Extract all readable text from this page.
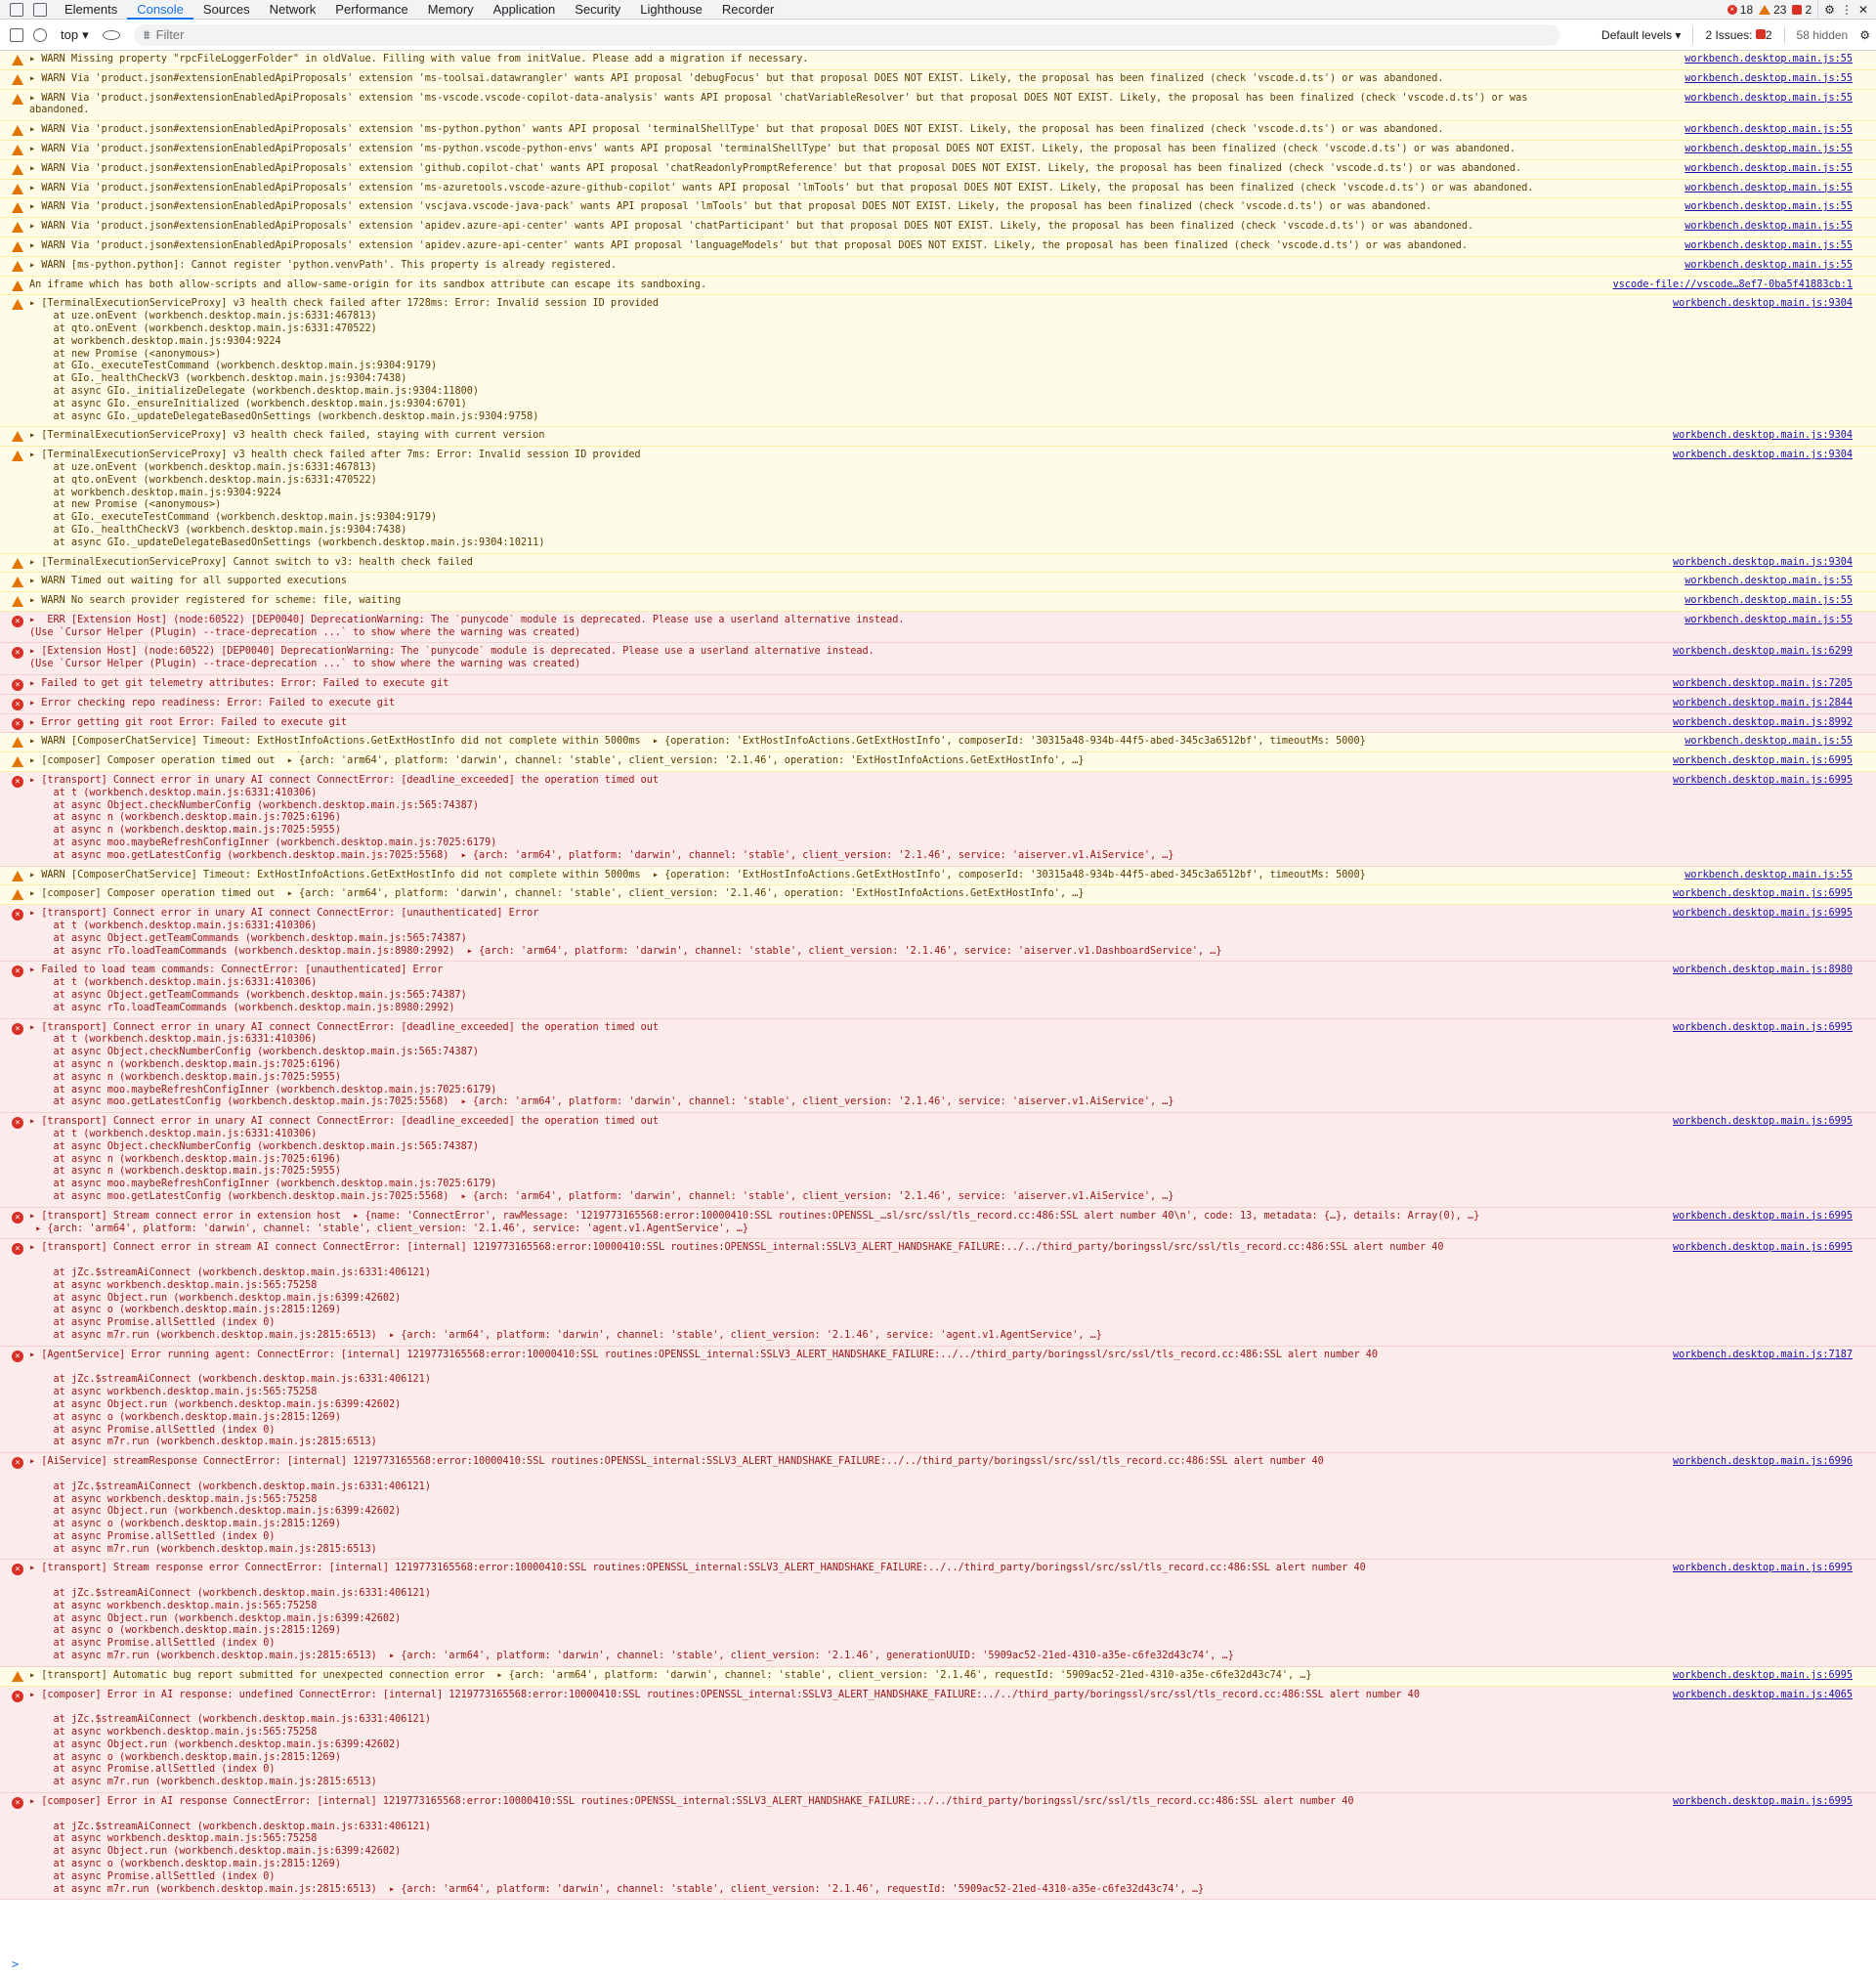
Elements	Console	Sources	Network	Performance	Memory	Application	Security	Lighthouse	Recorder	× 18 23 2 ⚙ ⋮ ✕
top ▾	⩩
Filter	Default levels ▾ 2 Issues: 2 58 hidden ⚙
▸ WARN Missing property "rpcFileLoggerFolder" in oldValue. Filling with value from initValue. Please add a migration if necessary.	workbench.desktop.main.js:55
▸ WARN Via 'product.json#extensionEnabledApiProposals' extension 'ms-toolsai.datawrangler' wants API proposal 'debugFocus' but that proposal DOES NOT EXIST. Likely, the proposal has been finalized (check 'vscode.d.ts') or was abandoned.	workbench.desktop.main.js:55
▸ WARN Via 'product.json#extensionEnabledApiProposals' extension 'ms-vscode.vscode-copilot-data-analysis' wants API proposal 'chatVariableResolver' but that proposal DOES NOT EXIST. Likely, the proposal has been finalized (check 'vscode.d.ts') or was
abandoned.
workbench.desktop.main.js:55
▸ WARN Via 'product.json#extensionEnabledApiProposals' extension 'ms-python.python' wants API proposal 'terminalShellType' but that proposal DOES NOT EXIST. Likely, the proposal has been finalized (check 'vscode.d.ts') or was abandoned.	workbench.desktop.main.js:55
▸ WARN Via 'product.json#extensionEnabledApiProposals' extension 'ms-python.vscode-python-envs' wants API proposal 'terminalShellType' but that proposal DOES NOT EXIST. Likely, the proposal has been finalized (check 'vscode.d.ts') or was abandoned.	workbench.desktop.main.js:55
▸ WARN Via 'product.json#extensionEnabledApiProposals' extension 'github.copilot-chat' wants API proposal 'chatReadonlyPromptReference' but that proposal DOES NOT EXIST. Likely, the proposal has been finalized (check 'vscode.d.ts') or was abandoned.	workbench.desktop.main.js:55
▸ WARN Via 'product.json#extensionEnabledApiProposals' extension 'ms-azuretools.vscode-azure-github-copilot' wants API proposal 'lmTools' but that proposal DOES NOT EXIST. Likely, the proposal has been finalized (check 'vscode.d.ts') or was abandoned.	workbench.desktop.main.js:55
▸ WARN Via 'product.json#extensionEnabledApiProposals' extension 'vscjava.vscode-java-pack' wants API proposal 'lmTools' but that proposal DOES NOT EXIST. Likely, the proposal has been finalized (check 'vscode.d.ts') or was abandoned.	workbench.desktop.main.js:55
▸ WARN Via 'product.json#extensionEnabledApiProposals' extension 'apidev.azure-api-center' wants API proposal 'chatParticipant' but that proposal DOES NOT EXIST. Likely, the proposal has been finalized (check 'vscode.d.ts') or was abandoned.	workbench.desktop.main.js:55
▸ WARN Via 'product.json#extensionEnabledApiProposals' extension 'apidev.azure-api-center' wants API proposal 'languageModels' but that proposal DOES NOT EXIST. Likely, the proposal has been finalized (check 'vscode.d.ts') or was abandoned.	workbench.desktop.main.js:55
▸ WARN [ms-python.python]: Cannot register 'python.venvPath'. This property is already registered.	workbench.desktop.main.js:55
An iframe which has both allow-scripts and allow-same-origin for its sandbox attribute can escape its sandboxing.	vscode-file://vscode…8ef7-0ba5f41883cb:1
▸ [TerminalExecutionServiceProxy] v3 health check failed after 1728ms: Error: Invalid session ID provided
at uze.onEvent (workbench.desktop.main.js:6331:467813)
at qto.onEvent (workbench.desktop.main.js:6331:470522)
at workbench.desktop.main.js:9304:9224
at new Promise (<anonymous>)
at GIo._executeTestCommand (workbench.desktop.main.js:9304:9179)
at GIo._healthCheckV3 (workbench.desktop.main.js:9304:7438)
at async GIo._initializeDelegate (workbench.desktop.main.js:9304:11800)
at async GIo._ensureInitialized (workbench.desktop.main.js:9304:6701)
at async GIo._updateDelegateBasedOnSettings (workbench.desktop.main.js:9304:9758)
workbench.desktop.main.js:9304
▸ [TerminalExecutionServiceProxy] v3 health check failed, staying with current version	workbench.desktop.main.js:9304
▸ [TerminalExecutionServiceProxy] v3 health check failed after 7ms: Error: Invalid session ID provided
at uze.onEvent (workbench.desktop.main.js:6331:467813)
at qto.onEvent (workbench.desktop.main.js:6331:470522)
at workbench.desktop.main.js:9304:9224
at new Promise (<anonymous>)
at GIo._executeTestCommand (workbench.desktop.main.js:9304:9179)
at GIo._healthCheckV3 (workbench.desktop.main.js:9304:7438)
at async GIo._updateDelegateBasedOnSettings (workbench.desktop.main.js:9304:10211)
workbench.desktop.main.js:9304
▸ [TerminalExecutionServiceProxy] Cannot switch to v3: health check failed	workbench.desktop.main.js:9304
▸ WARN Timed out waiting for all supported executions	workbench.desktop.main.js:55
▸ WARN No search provider registered for scheme: file, waiting	workbench.desktop.main.js:55
× ▸  ERR [Extension Host] (node:60522) [DEP0040] DeprecationWarning: The `punycode` module is deprecated. Please use a userland alternative instead.
(Use `Cursor Helper (Plugin) --trace-deprecation ...` to show where the warning was created)
workbench.desktop.main.js:55
× ▸ [Extension Host] (node:60522) [DEP0040] DeprecationWarning: The `punycode` module is deprecated. Please use a userland alternative instead.
(Use `Cursor Helper (Plugin) --trace-deprecation ...` to show where the warning was created)
workbench.desktop.main.js:6299
× ▸ Failed to get git telemetry attributes: Error: Failed to execute git	workbench.desktop.main.js:7205
× ▸ Error checking repo readiness: Error: Failed to execute git	workbench.desktop.main.js:2844
× ▸ Error getting git root Error: Failed to execute git	workbench.desktop.main.js:8992
▸ WARN [ComposerChatService] Timeout: ExtHostInfoActions.GetExtHostInfo did not complete within 5000ms  ▸ {operation: 'ExtHostInfoActions.GetExtHostInfo', composerId: '30315a48-934b-44f5-abed-345c3a6512bf', timeoutMs: 5000}	workbench.desktop.main.js:55
▸ [composer] Composer operation timed out  ▸ {arch: 'arm64', platform: 'darwin', channel: 'stable', client_version: '2.1.46', operation: 'ExtHostInfoActions.GetExtHostInfo', …}	workbench.desktop.main.js:6995
× ▸ [transport] Connect error in unary AI connect ConnectError: [deadline_exceeded] the operation timed out
at t (workbench.desktop.main.js:6331:410306)
at async Object.checkNumberConfig (workbench.desktop.main.js:565:74387)
at async n (workbench.desktop.main.js:7025:6196)
at async n (workbench.desktop.main.js:7025:5955)
at async moo.maybeRefreshConfigInner (workbench.desktop.main.js:7025:6179)
at async moo.getLatestConfig (workbench.desktop.main.js:7025:5568)  ▸ {arch: 'arm64', platform: 'darwin', channel: 'stable', client_version: '2.1.46', service: 'aiserver.v1.AiService', …}
workbench.desktop.main.js:6995
▸ WARN [ComposerChatService] Timeout: ExtHostInfoActions.GetExtHostInfo did not complete within 5000ms  ▸ {operation: 'ExtHostInfoActions.GetExtHostInfo', composerId: '30315a48-934b-44f5-abed-345c3a6512bf', timeoutMs: 5000}	workbench.desktop.main.js:55
▸ [composer] Composer operation timed out  ▸ {arch: 'arm64', platform: 'darwin', channel: 'stable', client_version: '2.1.46', operation: 'ExtHostInfoActions.GetExtHostInfo', …}	workbench.desktop.main.js:6995
× ▸ [transport] Connect error in unary AI connect ConnectError: [unauthenticated] Error
at t (workbench.desktop.main.js:6331:410306)
at async Object.getTeamCommands (workbench.desktop.main.js:565:74387)
at async rTo.loadTeamCommands (workbench.desktop.main.js:8980:2992)  ▸ {arch: 'arm64', platform: 'darwin', channel: 'stable', client_version: '2.1.46', service: 'aiserver.v1.DashboardService', …}
workbench.desktop.main.js:6995
× ▸ Failed to load team commands: ConnectError: [unauthenticated] Error
at t (workbench.desktop.main.js:6331:410306)
at async Object.getTeamCommands (workbench.desktop.main.js:565:74387)
at async rTo.loadTeamCommands (workbench.desktop.main.js:8980:2992)
workbench.desktop.main.js:8980
× ▸ [transport] Connect error in unary AI connect ConnectError: [deadline_exceeded] the operation timed out
at t (workbench.desktop.main.js:6331:410306)
at async Object.checkNumberConfig (workbench.desktop.main.js:565:74387)
at async n (workbench.desktop.main.js:7025:6196)
at async n (workbench.desktop.main.js:7025:5955)
at async moo.maybeRefreshConfigInner (workbench.desktop.main.js:7025:6179)
at async moo.getLatestConfig (workbench.desktop.main.js:7025:5568)  ▸ {arch: 'arm64', platform: 'darwin', channel: 'stable', client_version: '2.1.46', service: 'aiserver.v1.AiService', …}
workbench.desktop.main.js:6995
× ▸ [transport] Connect error in unary AI connect ConnectError: [deadline_exceeded] the operation timed out
at t (workbench.desktop.main.js:6331:410306)
at async Object.checkNumberConfig (workbench.desktop.main.js:565:74387)
at async n (workbench.desktop.main.js:7025:6196)
at async n (workbench.desktop.main.js:7025:5955)
at async moo.maybeRefreshConfigInner (workbench.desktop.main.js:7025:6179)
at async moo.getLatestConfig (workbench.desktop.main.js:7025:5568)  ▸ {arch: 'arm64', platform: 'darwin', channel: 'stable', client_version: '2.1.46', service: 'aiserver.v1.AiService', …}
workbench.desktop.main.js:6995
× ▸ [transport] Stream connect error in extension host  ▸ {name: 'ConnectError', rawMessage: '1219773165568:error:10000410:SSL routines:OPENSSL_…sl/src/ssl/tls_record.cc:486:SSL alert number 40\n', code: 13, metadata: {…}, details: Array(0), …}
▸ {arch: 'arm64', platform: 'darwin', channel: 'stable', client_version: '2.1.46', service: 'agent.v1.AgentService', …}
workbench.desktop.main.js:6995
× ▸ [transport] Connect error in stream AI connect ConnectError: [internal] 1219773165568:error:10000410:SSL routines:OPENSSL_internal:SSLV3_ALERT_HANDSHAKE_FAILURE:../../third_party/boringssl/src/ssl/tls_record.cc:486:SSL alert number 40

at jZc.$streamAiConnect (workbench.desktop.main.js:6331:406121)
at async workbench.desktop.main.js:565:75258
at async Object.run (workbench.desktop.main.js:6399:42602)
at async o (workbench.desktop.main.js:2815:1269)
at async Promise.allSettled (index 0)
at async m7r.run (workbench.desktop.main.js:2815:6513)  ▸ {arch: 'arm64', platform: 'darwin', channel: 'stable', client_version: '2.1.46', service: 'agent.v1.AgentService', …}
workbench.desktop.main.js:6995
× ▸ [AgentService] Error running agent: ConnectError: [internal] 1219773165568:error:10000410:SSL routines:OPENSSL_internal:SSLV3_ALERT_HANDSHAKE_FAILURE:../../third_party/boringssl/src/ssl/tls_record.cc:486:SSL alert number 40

at jZc.$streamAiConnect (workbench.desktop.main.js:6331:406121)
at async workbench.desktop.main.js:565:75258
at async Object.run (workbench.desktop.main.js:6399:42602)
at async o (workbench.desktop.main.js:2815:1269)
at async Promise.allSettled (index 0)
at async m7r.run (workbench.desktop.main.js:2815:6513)
workbench.desktop.main.js:7187
× ▸ [AiService] streamResponse ConnectError: [internal] 1219773165568:error:10000410:SSL routines:OPENSSL_internal:SSLV3_ALERT_HANDSHAKE_FAILURE:../../third_party/boringssl/src/ssl/tls_record.cc:486:SSL alert number 40

at jZc.$streamAiConnect (workbench.desktop.main.js:6331:406121)
at async workbench.desktop.main.js:565:75258
at async Object.run (workbench.desktop.main.js:6399:42602)
at async o (workbench.desktop.main.js:2815:1269)
at async Promise.allSettled (index 0)
at async m7r.run (workbench.desktop.main.js:2815:6513)
workbench.desktop.main.js:6996
× ▸ [transport] Stream response error ConnectError: [internal] 1219773165568:error:10000410:SSL routines:OPENSSL_internal:SSLV3_ALERT_HANDSHAKE_FAILURE:../../third_party/boringssl/src/ssl/tls_record.cc:486:SSL alert number 40

at jZc.$streamAiConnect (workbench.desktop.main.js:6331:406121)
at async workbench.desktop.main.js:565:75258
at async Object.run (workbench.desktop.main.js:6399:42602)
at async o (workbench.desktop.main.js:2815:1269)
at async Promise.allSettled (index 0)
at async m7r.run (workbench.desktop.main.js:2815:6513)  ▸ {arch: 'arm64', platform: 'darwin', channel: 'stable', client_version: '2.1.46', generationUUID: '5909ac52-21ed-4310-a35e-c6fe32d43c74', …}
workbench.desktop.main.js:6995
▸ [transport] Automatic bug report submitted for unexpected connection error  ▸ {arch: 'arm64', platform: 'darwin', channel: 'stable', client_version: '2.1.46', requestId: '5909ac52-21ed-4310-a35e-c6fe32d43c74', …}	workbench.desktop.main.js:6995
× ▸ [composer] Error in AI response: undefined ConnectError: [internal] 1219773165568:error:10000410:SSL routines:OPENSSL_internal:SSLV3_ALERT_HANDSHAKE_FAILURE:../../third_party/boringssl/src/ssl/tls_record.cc:486:SSL alert number 40

at jZc.$streamAiConnect (workbench.desktop.main.js:6331:406121)
at async workbench.desktop.main.js:565:75258
at async Object.run (workbench.desktop.main.js:6399:42602)
at async o (workbench.desktop.main.js:2815:1269)
at async Promise.allSettled (index 0)
at async m7r.run (workbench.desktop.main.js:2815:6513)
workbench.desktop.main.js:4065
× ▸ [composer] Error in AI response ConnectError: [internal] 1219773165568:error:10000410:SSL routines:OPENSSL_internal:SSLV3_ALERT_HANDSHAKE_FAILURE:../../third_party/boringssl/src/ssl/tls_record.cc:486:SSL alert number 40

at jZc.$streamAiConnect (workbench.desktop.main.js:6331:406121)
at async workbench.desktop.main.js:565:75258
at async Object.run (workbench.desktop.main.js:6399:42602)
at async o (workbench.desktop.main.js:2815:1269)
at async Promise.allSettled (index 0)
at async m7r.run (workbench.desktop.main.js:2815:6513)  ▸ {arch: 'arm64', platform: 'darwin', channel: 'stable', client_version: '2.1.46', requestId: '5909ac52-21ed-4310-a35e-c6fe32d43c74', …}
workbench.desktop.main.js:6995
>
